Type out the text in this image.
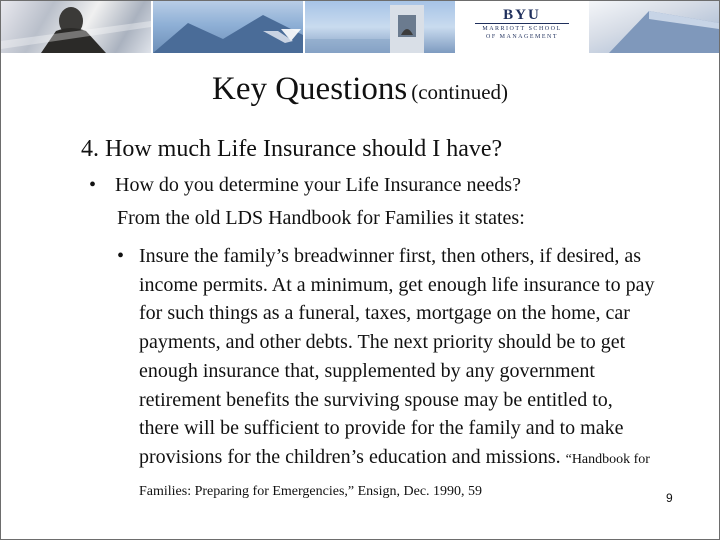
BYU
MARRIOTT SCHOOL
OF MANAGEMENT
Key Questions (continued)
4. How much Life Insurance should I have?
• How do you determine your Life Insurance needs?
From the old LDS Handbook for Families it states:
• Insure the family’s breadwinner first, then others, if desired, as income permits. At a minimum, get enough life insurance to pay for such things as a funeral, taxes, mortgage on the home, car payments, and other debts. The next priority should be to get enough insurance that, supplemented by any government retirement benefits the surviving spouse may be entitled to, there will be sufficient to provide for the family and to make provisions for the children’s education and missions. “Handbook for Families: Preparing for Emergencies,” Ensign, Dec. 1990, 59	9
